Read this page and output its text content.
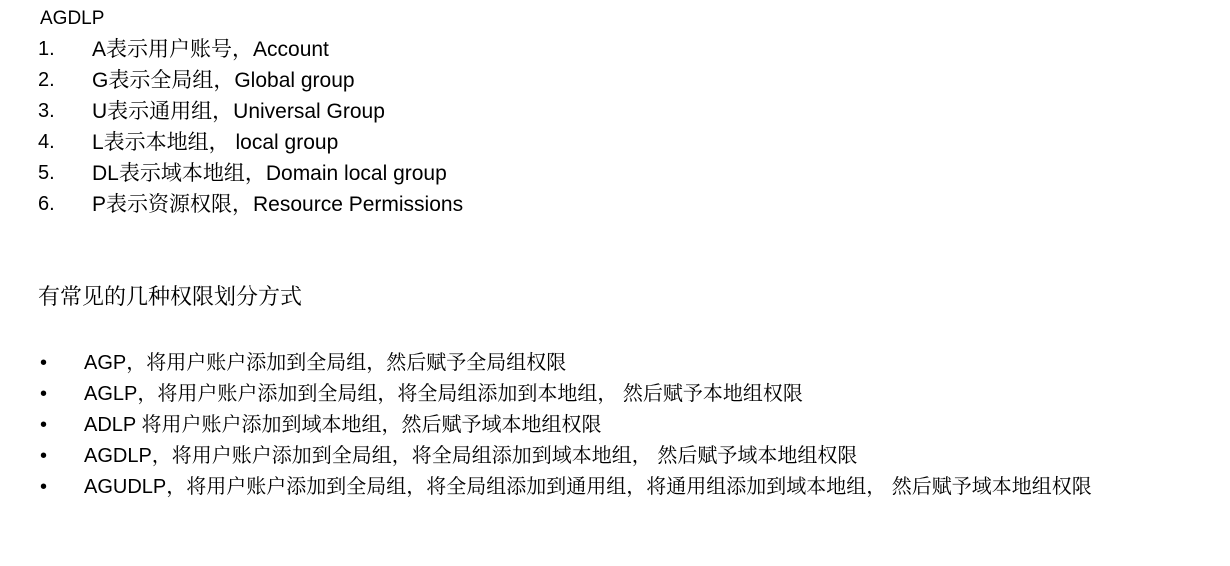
AGDLP
1. A表示用户账号，Account
2. G表示全局组，Global group
3. U表示通用组，Universal Group
4. L表示本地组， local group
5. DL表示域本地组，Domain local group
6. P表示资源权限，Resource Permissions
有常见的几种权限划分方式
• AGP，将用户账户添加到全局组，然后赋予全局组权限
• AGLP，将用户账户添加到全局组，将全局组添加到本地组， 然后赋予本地组权限
• ADLP 将用户账户添加到域本地组，然后赋予域本地组权限
• AGDLP，将用户账户添加到全局组，将全局组添加到域本地组， 然后赋予域本地组权限
• AGUDLP，将用户账户添加到全局组，将全局组添加到通用组，将通用组添加到域本地组， 然后赋予域本地组权限
